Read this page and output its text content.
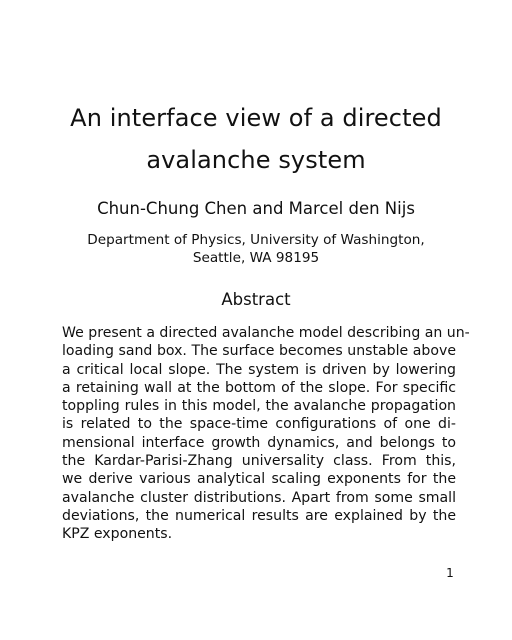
An interface view of a directed
avalanche system
Chun-Chung Chen and Marcel den Nijs
Department of Physics, University of Washington,
Seattle, WA 98195
Abstract
We present a directed avalanche model describing an un-
loading sand box. The surface becomes unstable above
a critical local slope. The system is driven by lowering
a retaining wall at the bottom of the slope. For specific
toppling rules in this model, the avalanche propagation
is related to the space-time configurations of one di-
mensional interface growth dynamics, and belongs to
the Kardar-Parisi-Zhang universality class. From this,
we derive various analytical scaling exponents for the
avalanche cluster distributions. Apart from some small
deviations, the numerical results are explained by the
KPZ exponents.
1
